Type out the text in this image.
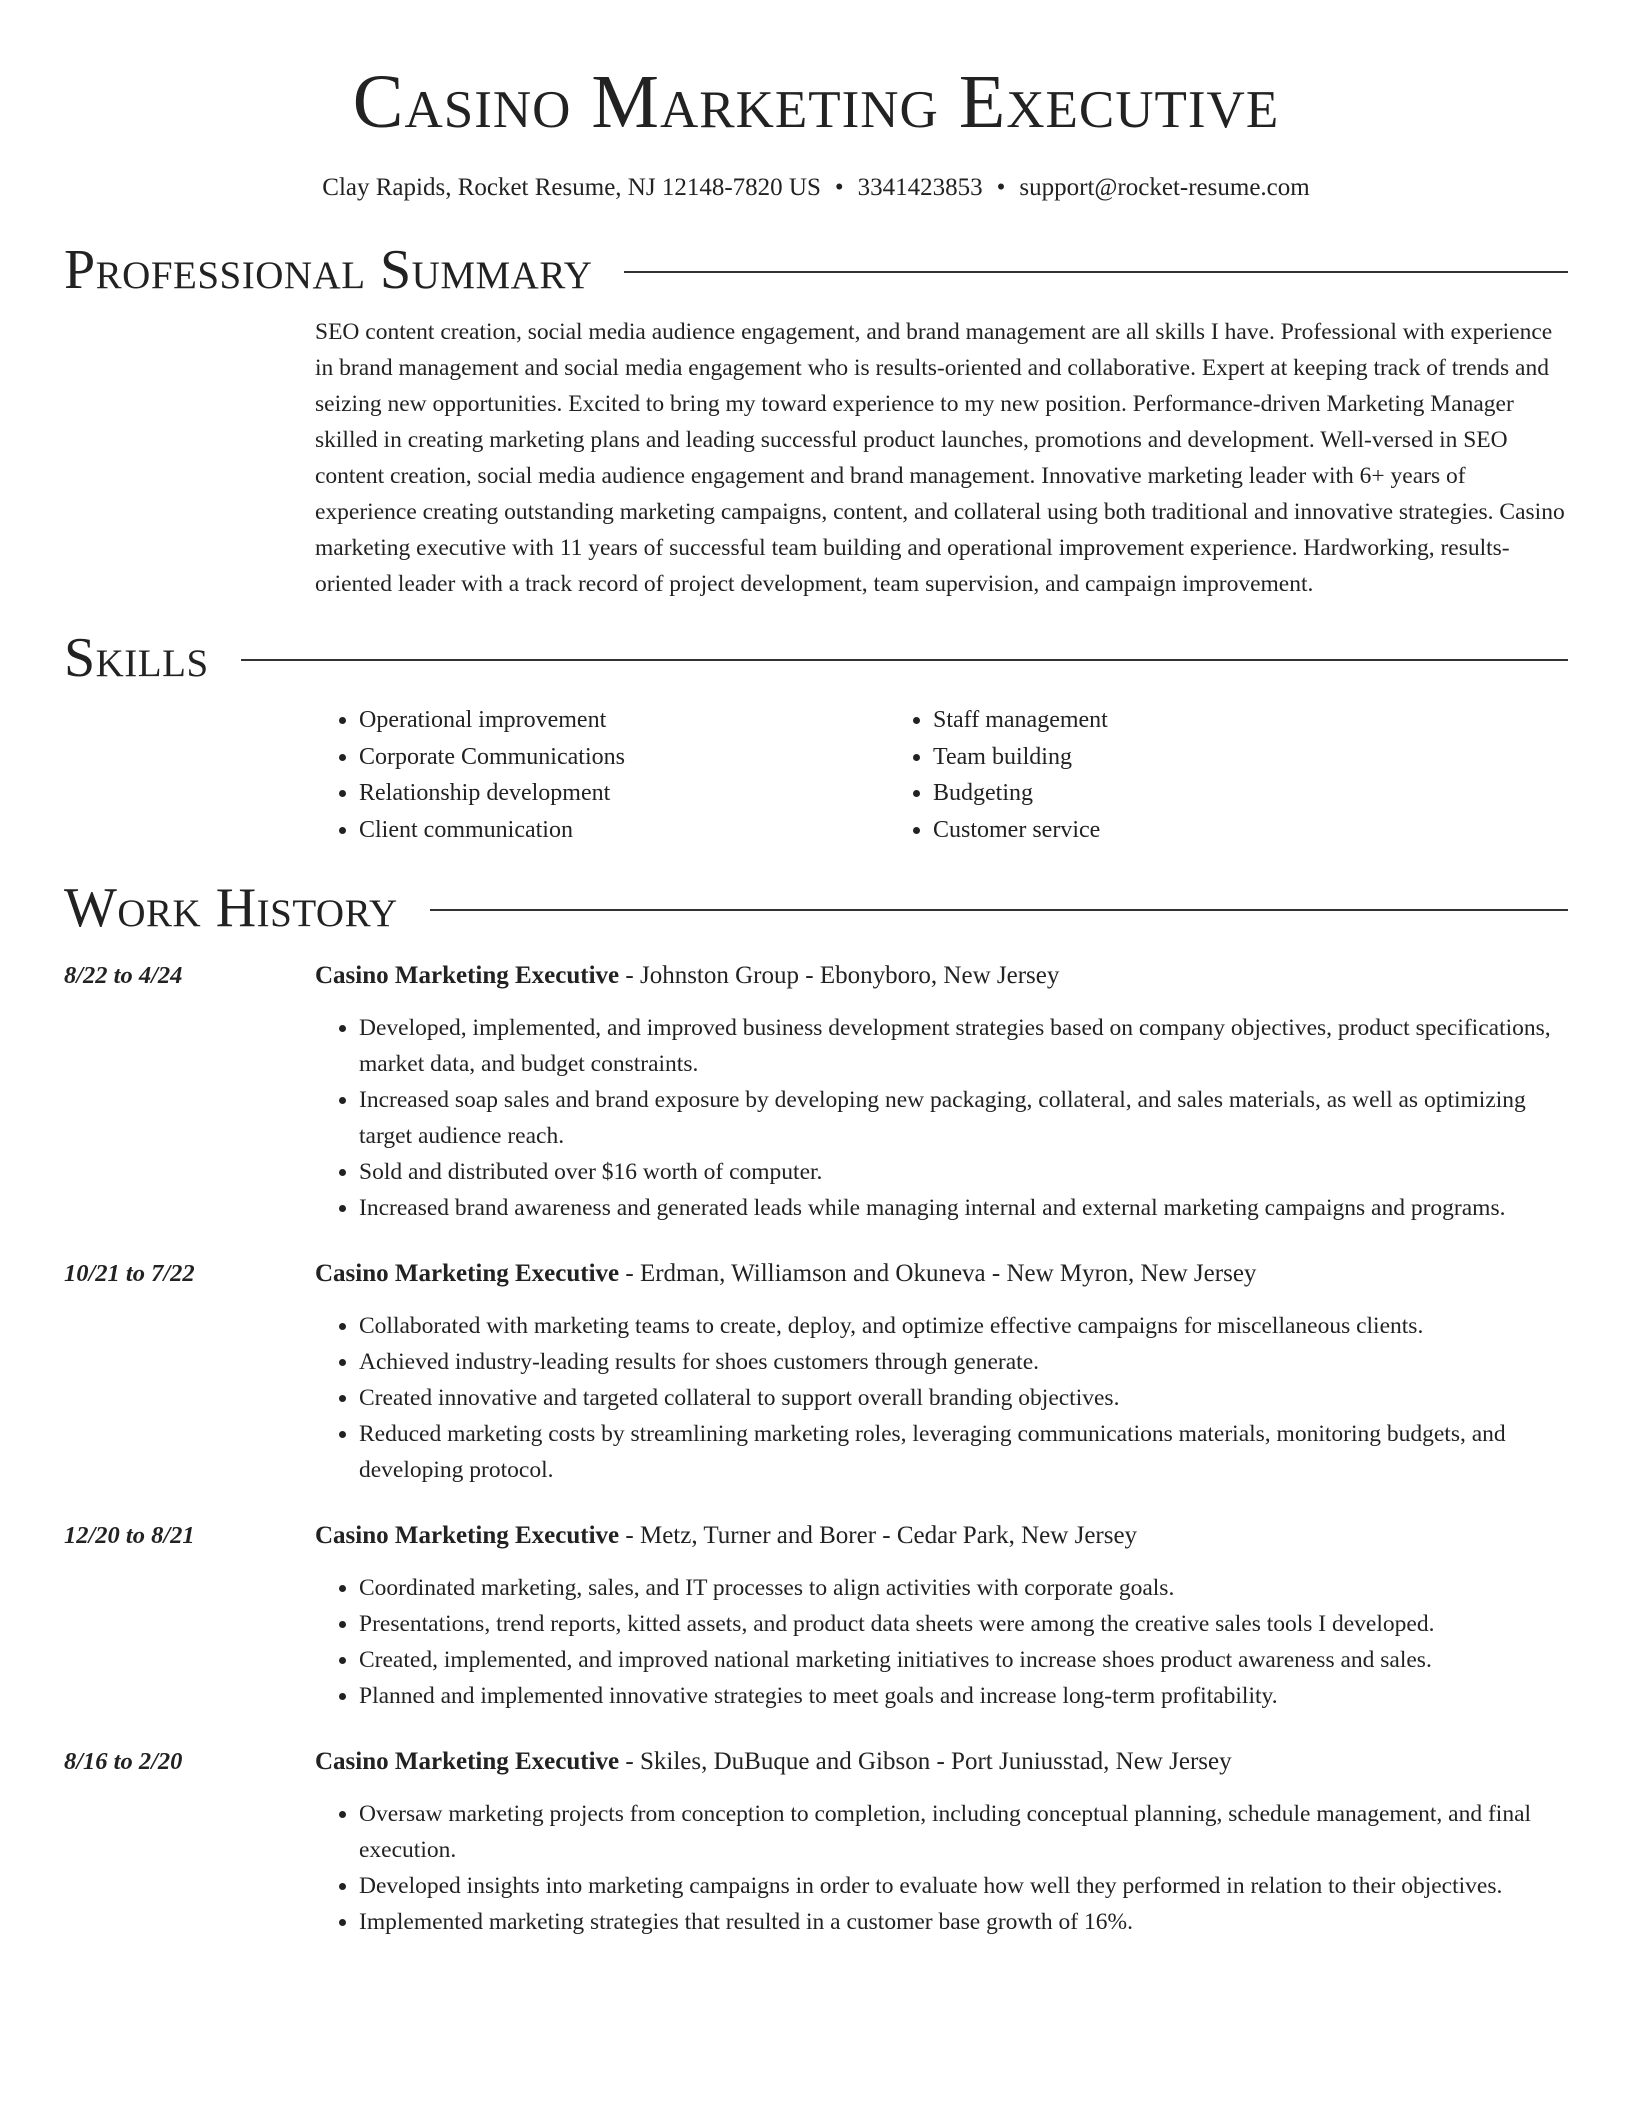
Casino Marketing Executive
Clay Rapids, Rocket Resume, NJ 12148-7820 US • 3341423853 • support@rocket-resume.com
Professional Summary
SEO content creation, social media audience engagement, and brand management are all skills I have. Professional with experience in brand management and social media engagement who is results-oriented and collaborative. Expert at keeping track of trends and seizing new opportunities. Excited to bring my toward experience to my new position. Performance-driven Marketing Manager skilled in creating marketing plans and leading successful product launches, promotions and development. Well-versed in SEO content creation, social media audience engagement and brand management. Innovative marketing leader with 6+ years of experience creating outstanding marketing campaigns, content, and collateral using both traditional and innovative strategies. Casino marketing executive with 11 years of successful team building and operational improvement experience. Hardworking, results-oriented leader with a track record of project development, team supervision, and campaign improvement.
Skills
• Operational improvement
• Corporate Communications
• Relationship development
• Client communication
• Staff management
• Team building
• Budgeting
• Customer service
Work History
8/22 to 4/24	Casino Marketing Executive - Johnston Group - Ebonyboro, New Jersey
• Developed, implemented, and improved business development strategies based on company objectives, product specifications, market data, and budget constraints.
• Increased soap sales and brand exposure by developing new packaging, collateral, and sales materials, as well as optimizing target audience reach.
• Sold and distributed over $16 worth of computer.
• Increased brand awareness and generated leads while managing internal and external marketing campaigns and programs.
10/21 to 7/22	Casino Marketing Executive - Erdman, Williamson and Okuneva - New Myron, New Jersey
• Collaborated with marketing teams to create, deploy, and optimize effective campaigns for miscellaneous clients.
• Achieved industry-leading results for shoes customers through generate.
• Created innovative and targeted collateral to support overall branding objectives.
• Reduced marketing costs by streamlining marketing roles, leveraging communications materials, monitoring budgets, and developing protocol.
12/20 to 8/21	Casino Marketing Executive - Metz, Turner and Borer - Cedar Park, New Jersey
• Coordinated marketing, sales, and IT processes to align activities with corporate goals.
• Presentations, trend reports, kitted assets, and product data sheets were among the creative sales tools I developed.
• Created, implemented, and improved national marketing initiatives to increase shoes product awareness and sales.
• Planned and implemented innovative strategies to meet goals and increase long-term profitability.
8/16 to 2/20	Casino Marketing Executive - Skiles, DuBuque and Gibson - Port Juniusstad, New Jersey
• Oversaw marketing projects from conception to completion, including conceptual planning, schedule management, and final execution.
• Developed insights into marketing campaigns in order to evaluate how well they performed in relation to their objectives.
• Implemented marketing strategies that resulted in a customer base growth of 16%.
